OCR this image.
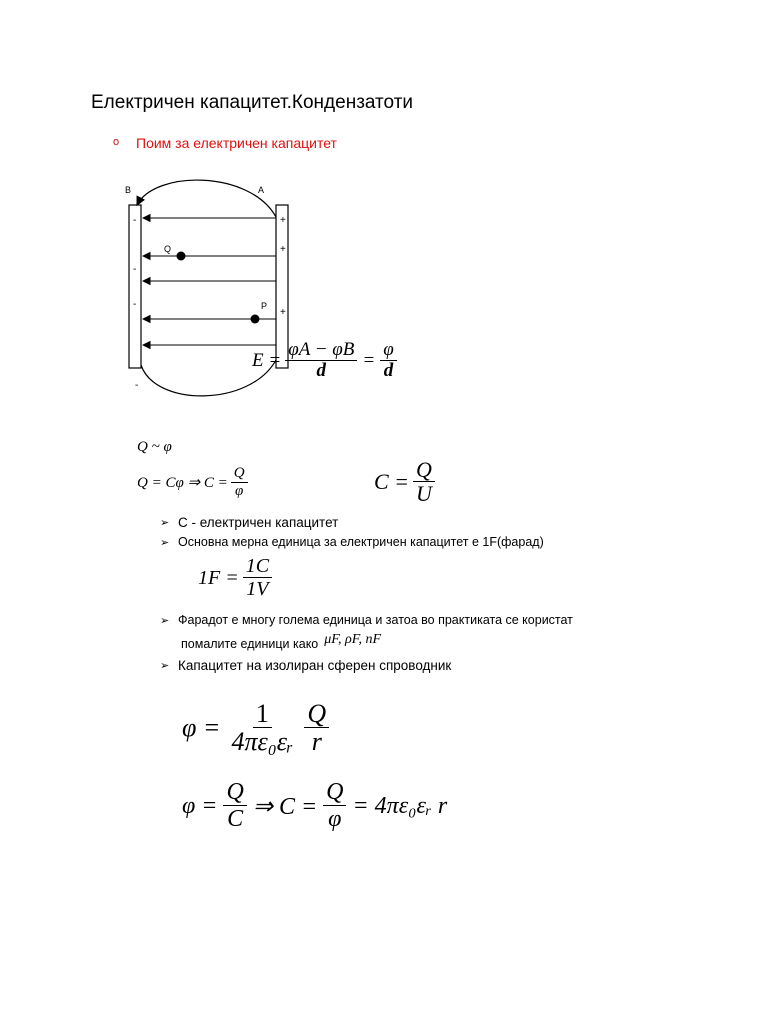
Електричен капацитет.Кондензатоти
o Поим за електричен капацитет
B	A
Q
P
+
+
+
-
-
-
-
$E = \frac{\varphi A - \varphi B}{d} = \frac{\varphi}{d}$
Q ~ φ
Q = Cφ ⇒ $C = \frac{Q}{\varphi}$	$C = \frac{Q}{U}$
➢ С - електричен капацитет
➢ Основна мерна единица за електричен капацитет е 1F(фарад)
$1F = \frac{1C}{1V}$
➢ Фарадот е многу голема единица и затоа во практиката се користат
помалите единици како μF, ρF, nF
➢ Капацитет на изолиран сферен спроводник
$\varphi = \frac{1}{\text{4πε₀εᵣ}} \frac{Q}{r}$
$\varphi = \frac{Q}{C}$ ⇒ $C = \frac{Q}{\varphi}$ = 4πε₀εᵣ r
